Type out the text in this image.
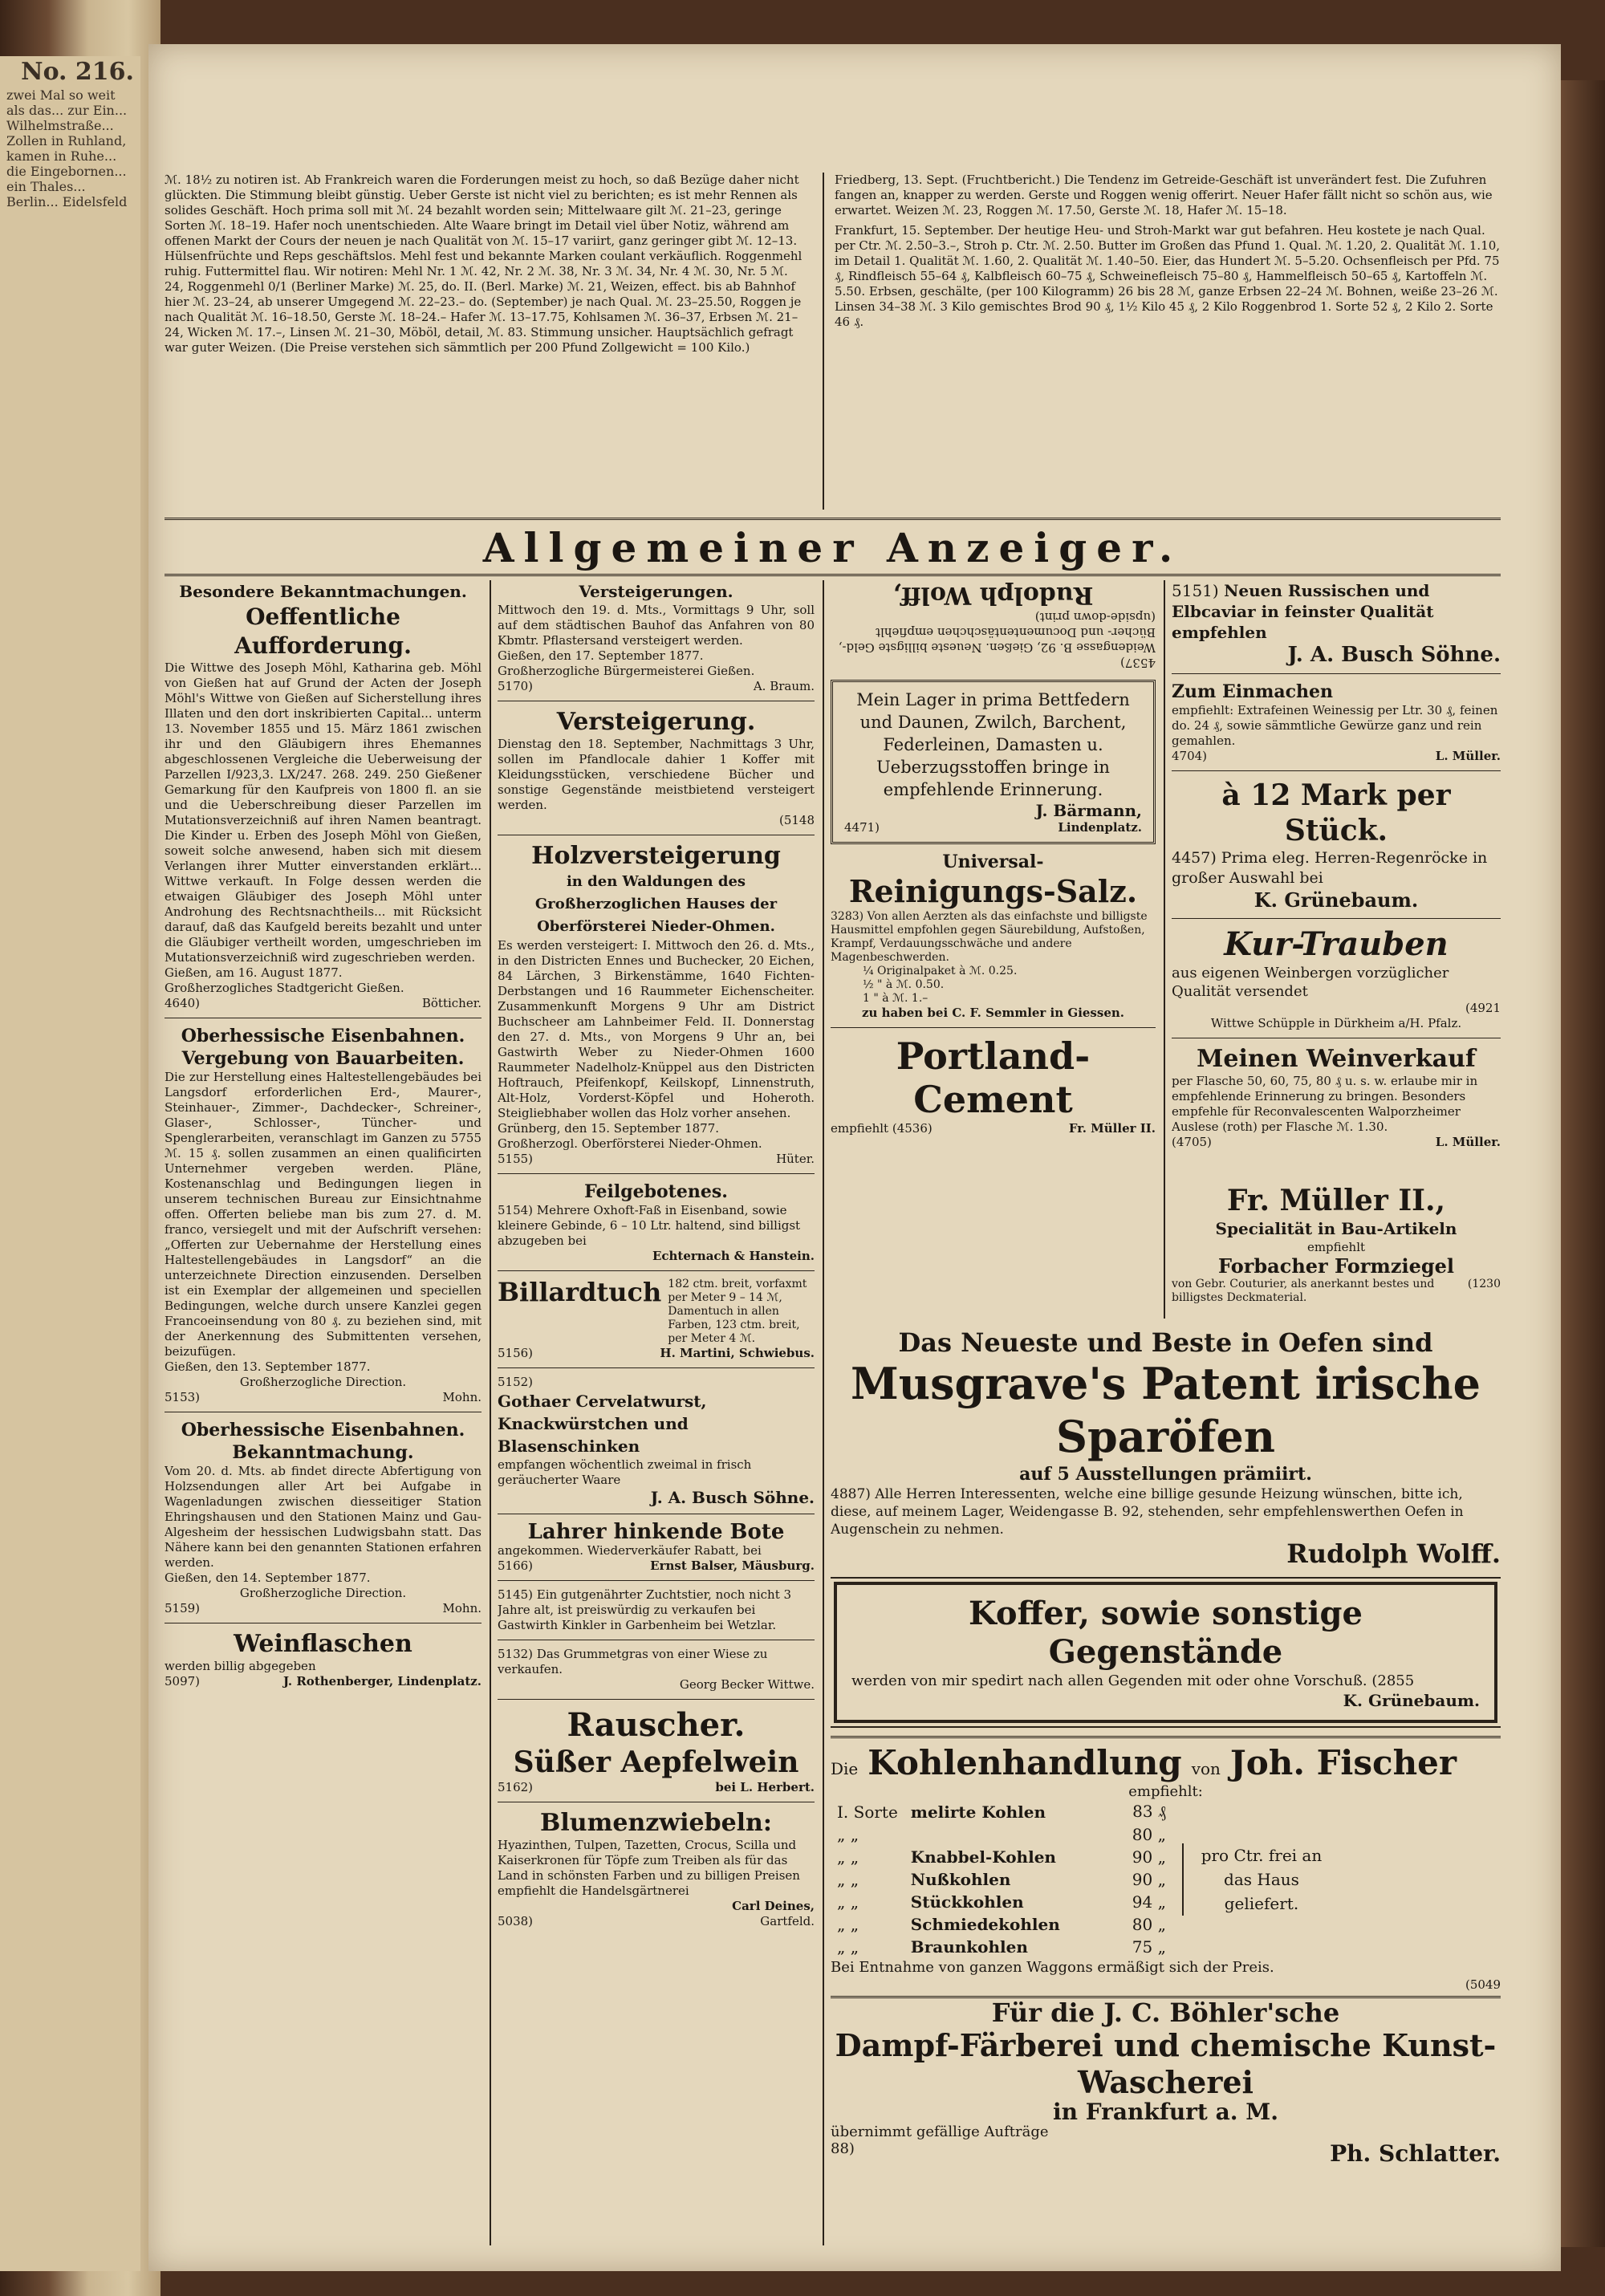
No. 216.
zwei Mal so weit als das... zur Ein... Wilhelmstraße... Zollen in Ruhland, kamen in Ruhe... die Eingebornen... ein Thales... Berlin... Eidelsfeld
ℳ. 18½ zu notiren ist. Ab Frankreich waren die Forderungen meist zu hoch, so daß Bezüge daher nicht glückten. Die Stimmung bleibt günstig. Ueber Gerste ist nicht viel zu berichten; es ist mehr Rennen als solides Geschäft. Hoch prima soll mit ℳ. 24 bezahlt worden sein; Mittelwaare gilt ℳ. 21–23, geringe Sorten ℳ. 18–19. Hafer noch unentschieden. Alte Waare bringt im Detail viel über Notiz, während am offenen Markt der Cours der neuen je nach Qualität von ℳ. 15–17 variirt, ganz geringer gibt ℳ. 12–13. Hülsenfrüchte und Reps geschäftslos. Mehl fest und bekannte Marken coulant verkäuflich. Roggenmehl ruhig. Futtermittel flau. Wir notiren: Mehl Nr. 1 ℳ. 42, Nr. 2 ℳ. 38, Nr. 3 ℳ. 34, Nr. 4 ℳ. 30, Nr. 5 ℳ. 24, Roggenmehl 0/1 (Berliner Marke) ℳ. 25, do. II. (Berl. Marke) ℳ. 21, Weizen, effect. bis ab Bahnhof hier ℳ. 23–24, ab unserer Umgegend ℳ. 22–23.– do. (September) je nach Qual. ℳ. 23–25.50, Roggen je nach Qualität ℳ. 16–18.50, Gerste ℳ. 18–24.– Hafer ℳ. 13–17.75, Kohlsamen ℳ. 36–37, Erbsen ℳ. 21–24, Wicken ℳ. 17.–, Linsen ℳ. 21–30, Möböl, detail, ℳ. 83. Stimmung unsicher. Hauptsächlich gefragt war guter Weizen. (Die Preise verstehen sich sämmtlich per 200 Pfund Zollgewicht = 100 Kilo.)
Friedberg, 13. Sept. (Fruchtbericht.) Die Tendenz im Getreide-Geschäft ist unverändert fest. Die Zufuhren fangen an, knapper zu werden. Gerste und Roggen wenig offerirt. Neuer Hafer fällt nicht so schön aus, wie erwartet. Weizen ℳ. 23, Roggen ℳ. 17.50, Gerste ℳ. 18, Hafer ℳ. 15–18.
Frankfurt, 15. September. Der heutige Heu- und Stroh-Markt war gut befahren. Heu kostete je nach Qual. per Ctr. ℳ. 2.50–3.–, Stroh p. Ctr. ℳ. 2.50. Butter im Großen das Pfund 1. Qual. ℳ. 1.20, 2. Qualität ℳ. 1.10, im Detail 1. Qualität ℳ. 1.60, 2. Qualität ℳ. 1.40–50. Eier, das Hundert ℳ. 5–5.20. Ochsenfleisch per Pfd. 75 ₰, Rindfleisch 55–64 ₰, Kalbfleisch 60–75 ₰, Schweinefleisch 75–80 ₰, Hammelfleisch 50–65 ₰, Kartoffeln ℳ. 5.50. Erbsen, geschälte, (per 100 Kilogramm) 26 bis 28 ℳ, ganze Erbsen 22–24 ℳ. Bohnen, weiße 23–26 ℳ. Linsen 34–38 ℳ. 3 Kilo gemischtes Brod 90 ₰, 1½ Kilo 45 ₰, 2 Kilo Roggenbrod 1. Sorte 52 ₰, 2 Kilo 2. Sorte 46 ₰.
Allgemeiner Anzeiger.
Besondere Bekanntmachungen.
Oeffentliche Aufforderung.
Die Wittwe des Joseph Möhl, Katharina geb. Möhl von Gießen hat auf Grund der Acten der Joseph Möhl's Wittwe von Gießen auf Sicherstellung ihres Illaten und den dort inskribierten Capital... unterm 13. November 1855 und 15. März 1861 zwischen ihr und den Gläubigern ihres Ehemannes abgeschlossenen Vergleiche die Ueberweisung der Parzellen I/923,3. LX/247. 268. 249. 250 Gießener Gemarkung für den Kaufpreis von 1800 fl. an sie und die Ueberschreibung dieser Parzellen im Mutationsverzeichniß auf ihren Namen beantragt. Die Kinder u. Erben des Joseph Möhl von Gießen, soweit solche anwesend, haben sich mit diesem Verlangen ihrer Mutter einverstanden erklärt... Wittwe verkauft. In Folge dessen werden die etwaigen Gläubiger des Joseph Möhl unter Androhung des Rechtsnachtheils... mit Rücksicht darauf, daß das Kaufgeld bereits bezahlt und unter die Gläubiger vertheilt worden, umgeschrieben im Mutationsverzeichniß wird zugeschrieben werden.
Gießen, am 16. August 1877.
Großherzogliches Stadtgericht Gießen.
4640)	Bötticher.
Oberhessische Eisenbahnen.
Vergebung von Bauarbeiten.
Die zur Herstellung eines Haltestellengebäudes bei Langsdorf erforderlichen Erd-, Maurer-, Steinhauer-, Zimmer-, Dachdecker-, Schreiner-, Glaser-, Schlosser-, Tüncher- und Spenglerarbeiten, veranschlagt im Ganzen zu 5755 ℳ. 15 ₰. sollen zusammen an einen qualificirten Unternehmer vergeben werden. Pläne, Kostenanschlag und Bedingungen liegen in unserem technischen Bureau zur Einsichtnahme offen. Offerten beliebe man bis zum 27. d. M. franco, versiegelt und mit der Aufschrift versehen: „Offerten zur Uebernahme der Herstellung eines Haltestellengebäudes in Langsdorf“ an die unterzeichnete Direction einzusenden. Derselben ist ein Exemplar der allgemeinen und speciellen Bedingungen, welche durch unsere Kanzlei gegen Francoeinsendung von 80 ₰. zu beziehen sind, mit der Anerkennung des Submittenten versehen, beizufügen.
Gießen, den 13. September 1877.
Großherzogliche Direction.
5153)	Mohn.
Oberhessische Eisenbahnen.
Bekanntmachung.
Vom 20. d. Mts. ab findet directe Abfertigung von Holzsendungen aller Art bei Aufgabe in Wagenladungen zwischen diesseitiger Station Ehringshausen und den Stationen Mainz und Gau-Algesheim der hessischen Ludwigsbahn statt. Das Nähere kann bei den genannten Stationen erfahren werden.
Gießen, den 14. September 1877.
Großherzogliche Direction.
5159)	Mohn.
Weinflaschen
werden billig abgegeben
5097)	J. Rothenberger, Lindenplatz.
Versteigerungen.
Mittwoch den 19. d. Mts., Vormittags 9 Uhr, soll auf dem städtischen Bauhof das Anfahren von 80 Kbmtr. Pflastersand versteigert werden.
Gießen, den 17. September 1877.
Großherzogliche Bürgermeisterei Gießen.
5170)	A. Braum.
Versteigerung.
Dienstag den 18. September, Nachmittags 3 Uhr, sollen im Pfandlocale dahier 1 Koffer mit Kleidungsstücken, verschiedene Bücher und sonstige Gegenstände meistbietend versteigert werden.
(5148
Holzversteigerung
in den Waldungen des Großherzoglichen Hauses der Oberförsterei Nieder-Ohmen.
Es werden versteigert: I. Mittwoch den 26. d. Mts., in den Districten Ennes und Buchecker, 20 Eichen, 84 Lärchen, 3 Birkenstämme, 1640 Fichten-Derbstangen und 16 Raummeter Eichenscheiter. Zusammenkunft Morgens 9 Uhr am District Buchscheer am Lahnbeimer Feld. II. Donnerstag den 27. d. Mts., von Morgens 9 Uhr an, bei Gastwirth Weber zu Nieder-Ohmen 1600 Raummeter Nadelholz-Knüppel aus den Districten Hoftrauch, Pfeifenkopf, Keilskopf, Linnenstruth, Alt-Holz, Vorderst-Köpfel und Hoheroth. Steigliebhaber wollen das Holz vorher ansehen.
Grünberg, den 15. September 1877.
Großherzogl. Oberförsterei Nieder-Ohmen.
5155)	Hüter.
Feilgebotenes.
5154) Mehrere Oxhoft-Faß in Eisenband, sowie kleinere Gebinde, 6 – 10 Ltr. haltend, sind billigst abzugeben bei
Echternach & Hanstein.
Billardtuch 182 ctm. breit, vorfaxmt per Meter 9 – 14 ℳ, Damentuch in allen Farben, 123 ctm. breit, per Meter 4 ℳ.
5156)	H. Martini, Schwiebus.
5152)
Gothaer Cervelatwurst, Knackwürstchen und Blasenschinken
empfangen wöchentlich zweimal in frisch geräucherter Waare
J. A. Busch Söhne.
Lahrer hinkende Bote
angekommen. Wiederverkäufer Rabatt, bei
5166)	Ernst Balser, Mäusburg.
5145) Ein gutgenährter Zuchtstier, noch nicht 3 Jahre alt, ist preiswürdig zu verkaufen bei Gastwirth Kinkler in Garbenheim bei Wetzlar.
5132) Das Grummetgras von einer Wiese zu verkaufen.
Georg Becker Wittwe.
Rauscher.
Süßer Aepfelwein
5162)	bei L. Herbert.
Blumenzwiebeln:
Hyazinthen, Tulpen, Tazetten, Crocus, Scilla und Kaiserkronen für Töpfe zum Treiben als für das Land in schönsten Farben und zu billigen Preisen empfiehlt die Handelsgärtnerei
Carl Deines,
5038)	Gartfeld.
4537)
Weidengasse B. 92, Gießen. Neueste billigste Geld-, Bücher- und Documententäschchen empfiehlt (upside-down print)
Rudolph Wolff,
Mein Lager in prima Bettfedern und Daunen, Zwilch, Barchent, Federleinen, Damasten u. Ueberzugsstoffen bringe in empfehlende Erinnerung.
J. Bärmann,
4471)	Lindenplatz.
Universal-
Reinigungs-Salz.
3283) Von allen Aerzten als das einfachste und billigste Hausmittel empfohlen gegen Säurebildung, Aufstoßen, Krampf, Verdauungsschwäche und andere Magenbeschwerden.
¼ Originalpaket à ℳ. 0.25.
½ " à ℳ. 0.50.
1 " à ℳ. 1.–
zu haben bei C. F. Semmler in Giessen.
Portland-Cement
empfiehlt (4536)	Fr. Müller II.
5151) Neuen Russischen und Elbcaviar in feinster Qualität empfehlen
J. A. Busch Söhne.
Zum Einmachen
empfiehlt: Extrafeinen Weinessig per Ltr. 30 ₰, feinen do. 24 ₰, sowie sämmtliche Gewürze ganz und rein gemahlen.
4704)	L. Müller.
à 12 Mark per Stück.
4457) Prima eleg. Herren-Regenröcke in großer Auswahl bei
K. Grünebaum.
Kur-Trauben
aus eigenen Weinbergen vorzüglicher Qualität versendet
(4921
Wittwe Schüpple in Dürkheim a/H. Pfalz.
Meinen Weinverkauf
per Flasche 50, 60, 75, 80 ₰ u. s. w. erlaube mir in empfehlende Erinnerung zu bringen. Besonders empfehle für Reconvalescenten Walporzheimer Auslese (roth) per Flasche ℳ. 1.30.
(4705)	L. Müller.
Fr. Müller II.,
Specialität in Bau-Artikeln
empfiehlt
Forbacher Formziegel
von Gebr. Couturier, als anerkannt bestes und billigstes Deckmaterial.
(1230
Das Neueste und Beste in Oefen sind
Musgrave's Patent irische Sparöfen
auf 5 Ausstellungen prämiirt.
4887) Alle Herren Interessenten, welche eine billige gesunde Heizung wünschen, bitte ich, diese, auf meinem Lager, Weidengasse B. 92, stehenden, sehr empfehlenswerthen Oefen in Augenschein zu nehmen.
Rudolph Wolff.
Koffer, sowie sonstige Gegenstände
werden von mir spedirt nach allen Gegenden mit oder ohne Vorschuß. (2855
K. Grünebaum.
Die Kohlenhandlung von Joh. Fischer
empfiehlt:
I. Sorte	melirte Kohlen	83 ₰
„ „		80 „
„ „	Knabbel-Kohlen	90 „
„ „	Nußkohlen	90 „
„ „	Stückkohlen	94 „
„ „	Schmiedekohlen	80 „
„ „	Braunkohlen	75 „
pro Ctr. frei an das Haus geliefert.
Bei Entnahme von ganzen Waggons ermäßigt sich der Preis.
(5049
Für die J. C. Böhler'sche
Dampf-Färberei und chemische Kunst-Wascherei
in Frankfurt a. M.
übernimmt gefällige Aufträge
88)	Ph. Schlatter.
